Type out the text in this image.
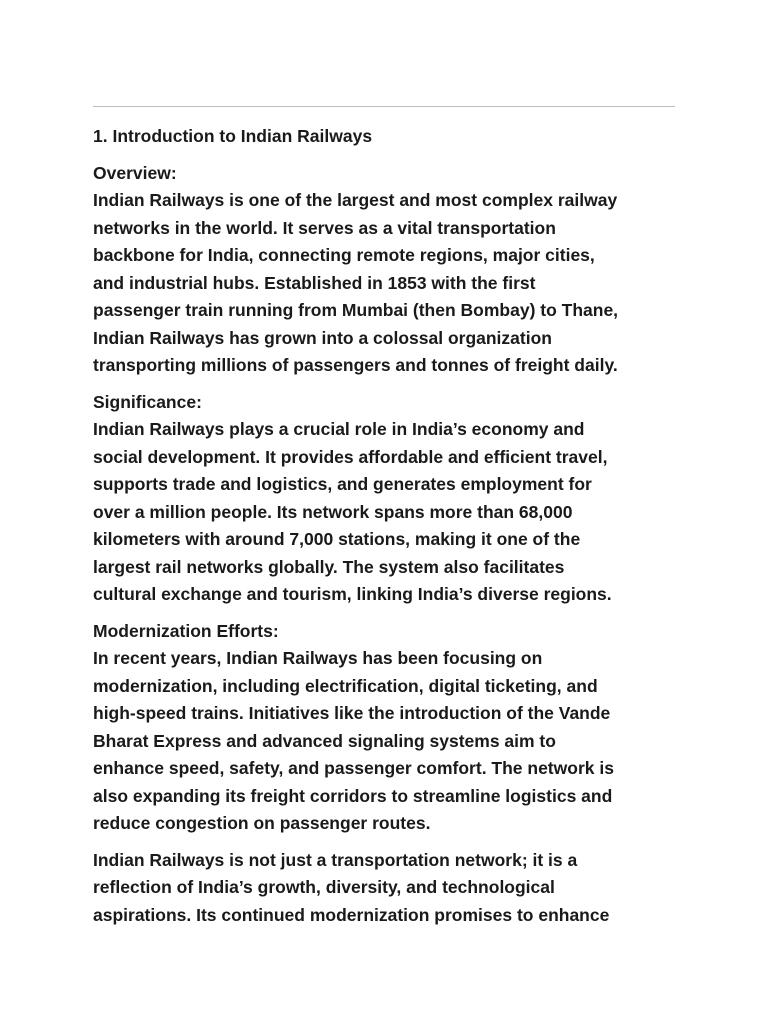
1. Introduction to Indian Railways

Overview:

Indian Railways is one of the largest and most complex railway

networks in the world. It serves as a vital transportation

backbone for India, connecting remote regions, major cities,

and industrial hubs. Established in 1853 with the first

passenger train running from Mumbai (then Bombay) to Thane,

Indian Railways has grown into a colossal organization

transporting millions of passengers and tonnes of freight daily.

Significance:

Indian Railways plays a crucial role in India’s economy and

social development. It provides affordable and efficient travel,

supports trade and logistics, and generates employment for

over a million people. Its network spans more than 68,000

kilometers with around 7,000 stations, making it one of the

largest rail networks globally. The system also facilitates

cultural exchange and tourism, linking India’s diverse regions.

Modernization Efforts:

In recent years, Indian Railways has been focusing on

modernization, including electrification, digital ticketing, and

high-speed trains. Initiatives like the introduction of the Vande

Bharat Express and advanced signaling systems aim to

enhance speed, safety, and passenger comfort. The network is

also expanding its freight corridors to streamline logistics and

reduce congestion on passenger routes.

Indian Railways is not just a transportation network; it is a

reflection of India’s growth, diversity, and technological

aspirations. Its continued modernization promises to enhance
